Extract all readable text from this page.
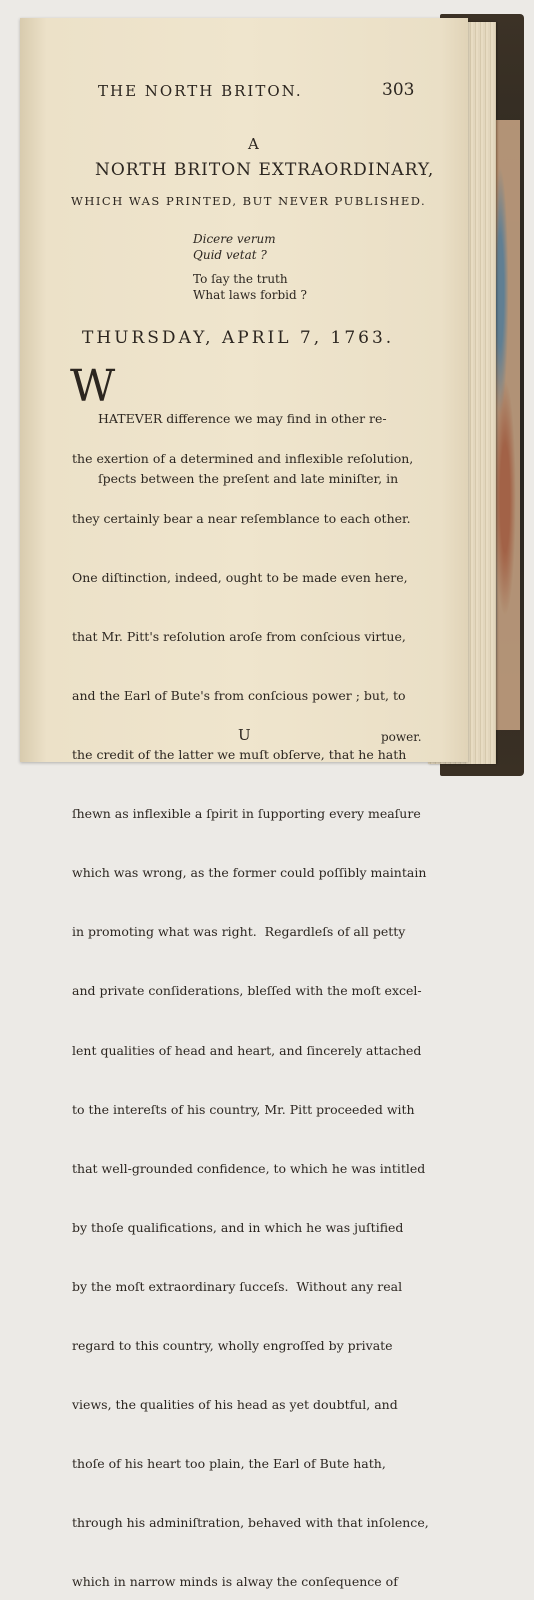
THE NORTH BRITON.	303
A
NORTH BRITON EXTRAORDINARY,
WHICH WAS PRINTED, BUT NEVER PUBLISHED.
Dicere verum
Quid vetat ?
To ſay the truth
What laws forbid ?
THURSDAY, APRIL 7, 1763.
W

HATEVER difference we may find in other re-

ſpects between the preſent and late miniſter, in

the exertion of a determined and inflexible reſolution,

they certainly bear a near reſemblance to each other.

One diſtinction, indeed, ought to be made even here,

that Mr. Pitt's reſolution aroſe from conſcious virtue,

and the Earl of Bute's from conſcious power ; but, to

the credit of the latter we muſt obſerve, that he hath

ſhewn as inflexible a ſpirit in ſupporting every meaſure

which was wrong, as the former could poſſibly maintain

in promoting what was right.  Regardleſs of all petty

and private conſiderations, bleſſed with the moſt excel-

lent qualities of head and heart, and ſincerely attached

to the intereſts of his country, Mr. Pitt proceeded with

that well-grounded confidence, to which he was intitled

by thoſe qualifications, and in which he was juſtified

by the moſt extraordinary ſucceſs.  Without any real

regard to this country, wholly engroſſed by private

views, the qualities of his head as yet doubtful, and

thoſe of his heart too plain, the Earl of Bute hath,

through his adminiſtration, behaved with that inſolence,

which in narrow minds is alway the conſequence of

U	power.
